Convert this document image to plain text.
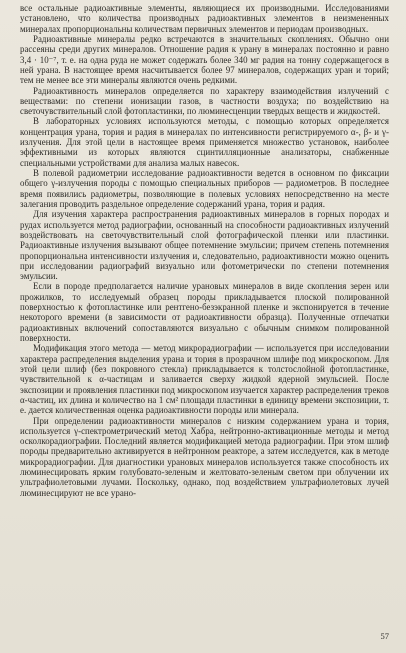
все остальные радиоактивные элементы, являющиеся их производными. Исследованиями установлено, что количества производных радиоактивных элементов в неизмененных минералах пропорциональны количествам первичных элементов и периодам производных.

Радиоактивные минералы редко встречаются в значительных скоплениях. Обычно они рассеяны среди других минералов. Отношение радия к урану в минералах постоянно и равно 3,4 · 10⁻⁷, т. е. на одна руда не может содержать более 340 мг радия на тонну содержащегося в ней урана. В настоящее время насчитывается более 97 минералов, содержащих уран и торий; тем не менее все эти минералы являются очень редкими.

Радиоактивность минералов определяется по характеру взаимодействия излучений с веществами: по степени ионизации газов, в частности воздуха; по воздействию на светочувствительный слой фотопластинки, по люминесценции твердых веществ и жидкостей.

В лабораторных условиях используются методы, с помощью которых определяется концентрация урана, тория и радия в минералах по интенсивности регистрируемого α-, β- и γ-излучения. Для этой цели в настоящее время применяется множество установок, наиболее эффективными из которых являются сцинтилляционные анализаторы, снабженные специальными устройствами для анализа малых навесок.

В полевой радиометрии исследование радиоактивности ведется в основном по фиксации общего γ-излучения породы с помощью специальных приборов — радиометров. В последнее время появились радиометры, позволяющие в полевых условиях непосредственно на месте залегания проводить раздельное определение содержаний урана, тория и радия.

Для изучения характера распространения радиоактивных минералов в горных породах и рудах используется метод радиографии, основанный на способности радиоактивных излучений воздействовать на светочувствительный слой фотографической пленки или пластинки. Радиоактивные излучения вызывают общее потемнение эмульсии; причем степень потемнения пропорциональна интенсивности излучения и, следовательно, радиоактивности можно оценить при исследовании радиографий визуально или фотометрически по степени потемнения эмульсии.

Если в породе предполагается наличие урановых минералов в виде скопления зерен или прожилков, то исследуемый образец породы прикладывается плоской полированной поверхностью к фотопластинке или рентгено-безэкранной пленке и экспонируется в течение некоторого времени (в зависимости от радиоактивности образца). Полученные отпечатки радиоактивных включений сопоставляются визуально с обычным снимком полированной поверхности.

Модификация этого метода — метод микрорадиографии — используется при исследовании характера распределения выделения урана и тория в прозрачном шлифе под микроскопом. Для этой цели шлиф (без покровного стекла) прикладывается к толстослойной фотопластинке, чувствительной к α-частицам и заливается сверху жидкой ядерной эмульсией. После экспозиции и проявления пластинки под микроскопом изучается характер распределения треков α-частиц, их длина и количество на 1 см² площади пластинки в единицу времени экспозиции, т. е. дается количественная оценка радиоактивности породы или минерала.

При определении радиоактивности минералов с низким содержанием урана и тория, используется γ-спектрометрический метод Хабра, нейтронно-активационные методы и метод осколкорадиографии. Последний является модификацией метода радиографии. При этом шлиф породы предварительно активируется в нейтронном реакторе, а затем исследуется, как в методе микрорадиографии. Для диагностики урановых минералов используется также способность их люминесцировать ярким голубовато-зеленым и желтовато-зеленым светом при облучении их ультрафиолетовыми лучами. Поскольку, однако, под воздействием ультрафиолетовых лучей люминесцируют не все урано-

57
